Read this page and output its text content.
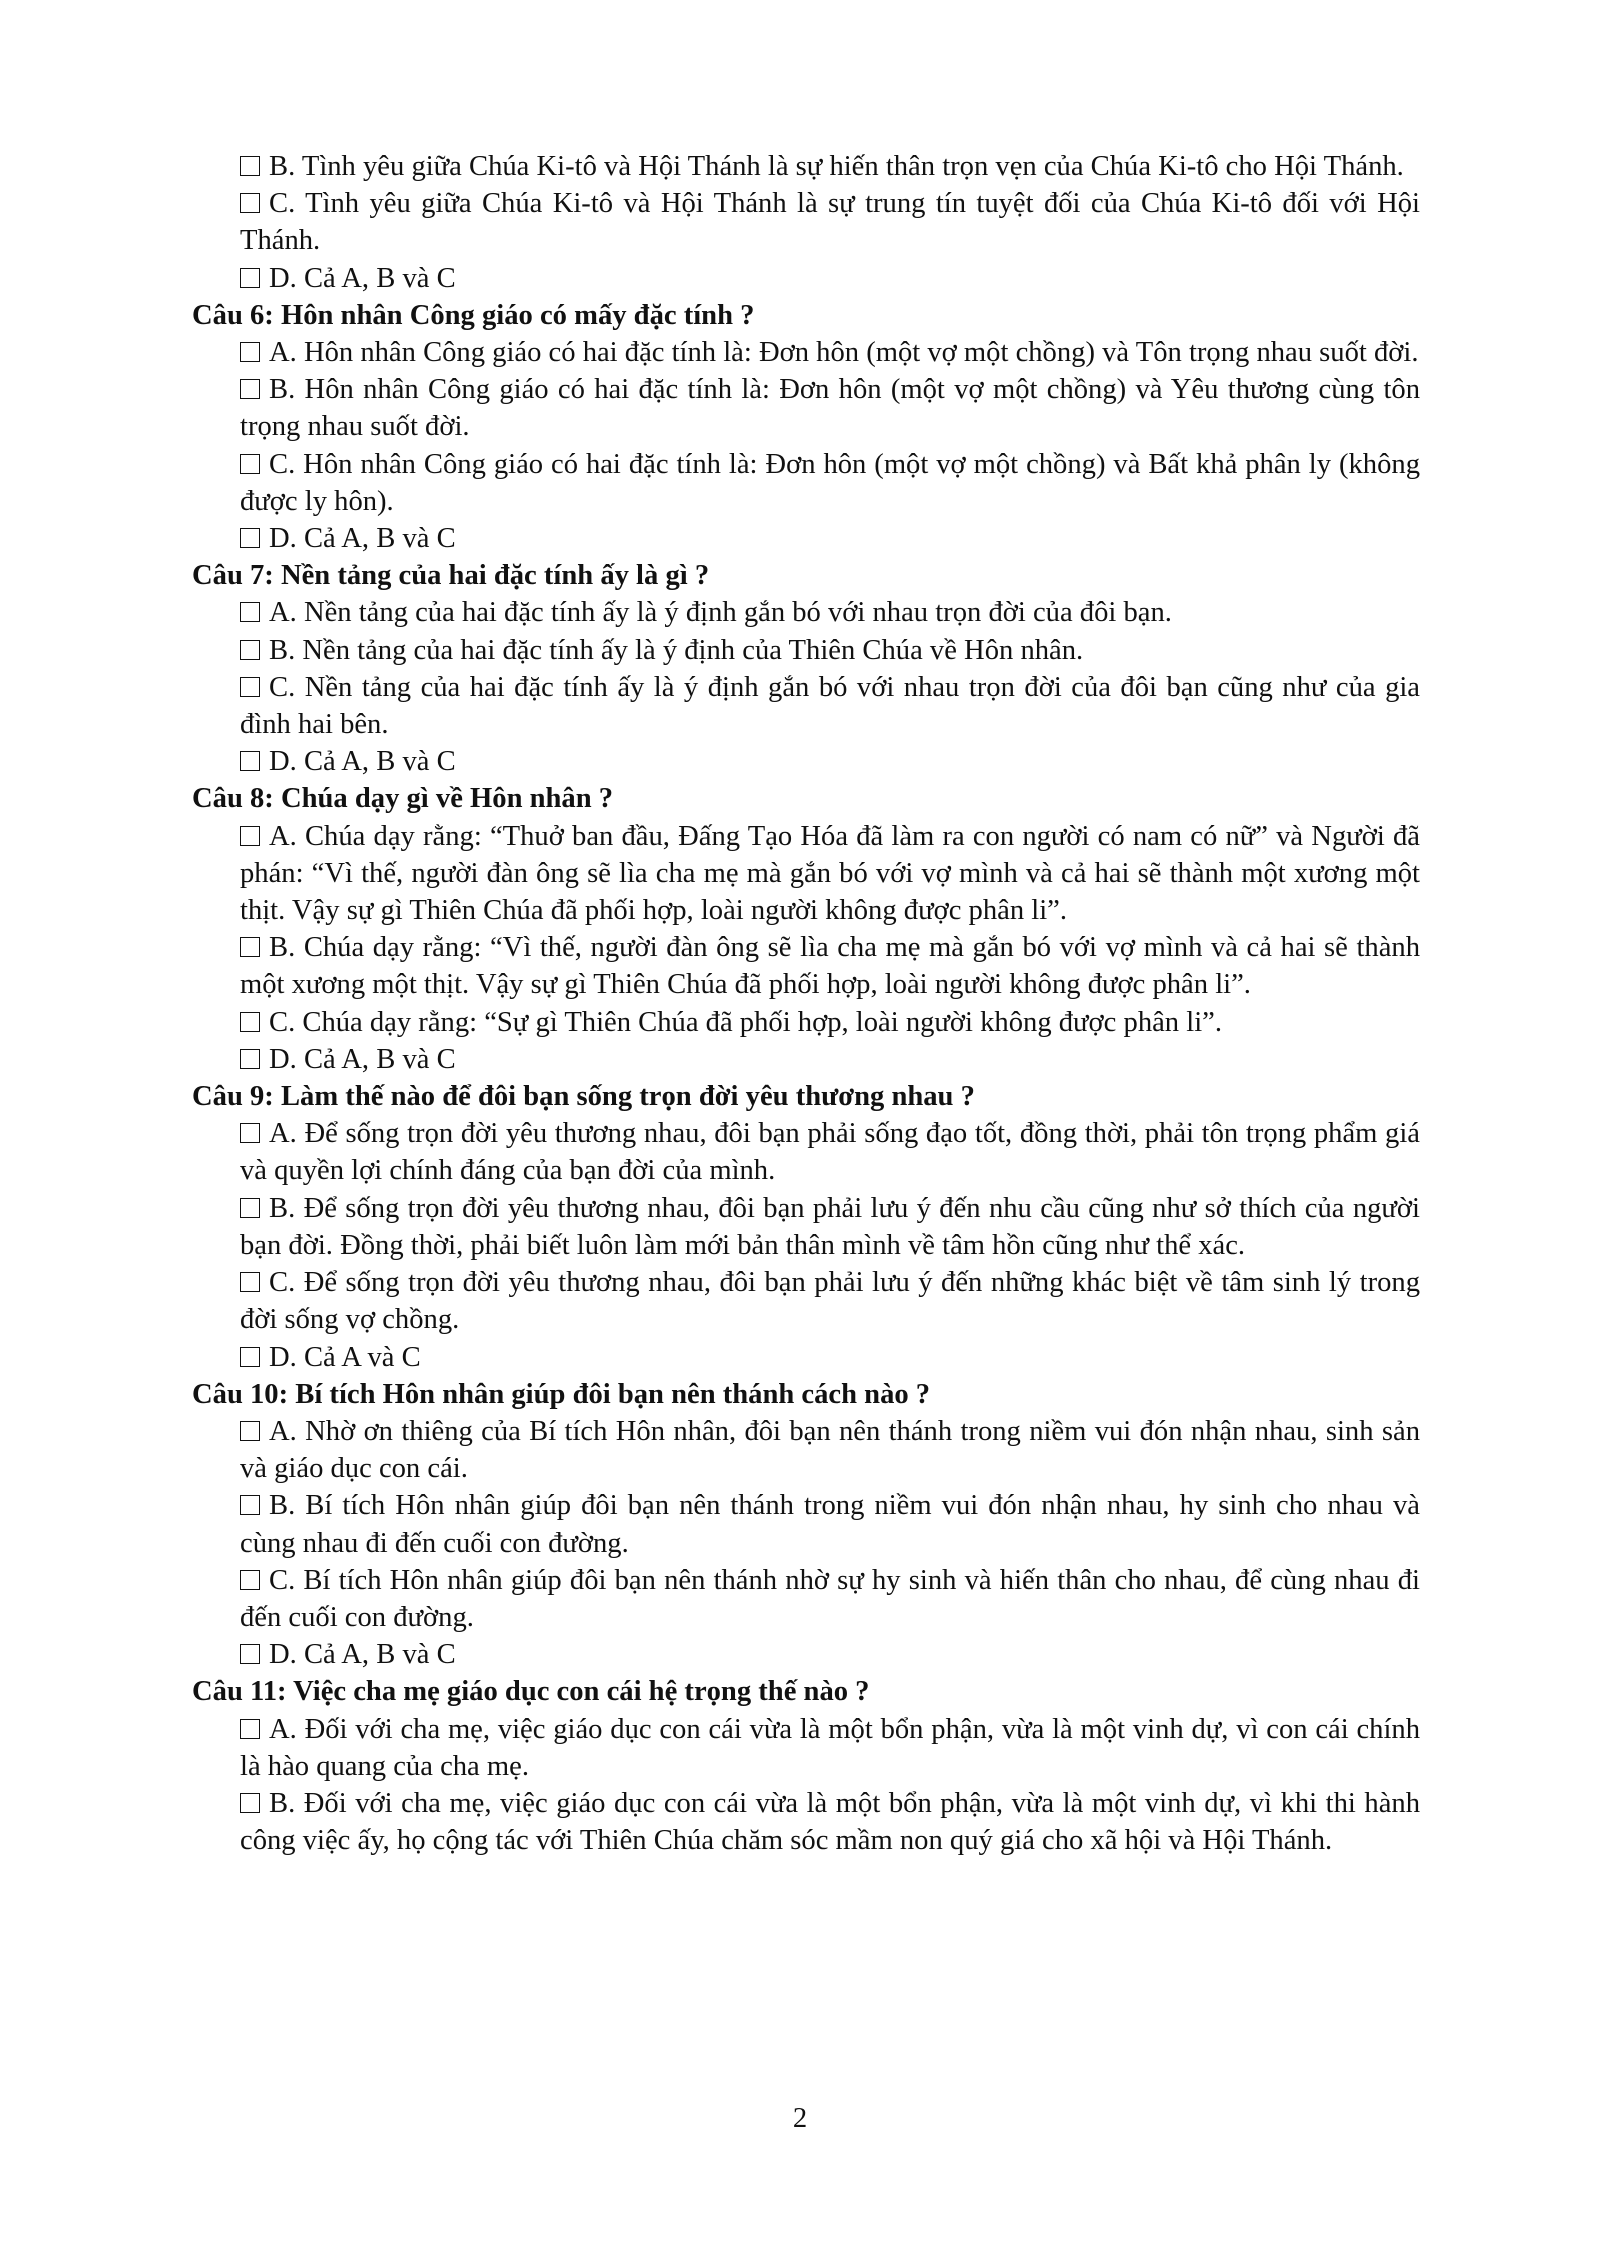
B. Tình yêu giữa Chúa Ki-tô và Hội Thánh là sự hiến thân trọn vẹn của Chúa Ki-tô cho Hội Thánh.

C. Tình yêu giữa Chúa Ki-tô và Hội Thánh là sự trung tín tuyệt đối của Chúa Ki-tô đối với Hội Thánh.

D. Cả A, B và C

Câu 6: Hôn nhân Công giáo có mấy đặc tính ?

A. Hôn nhân Công giáo có hai đặc tính là: Đơn hôn (một vợ một chồng) và Tôn trọng nhau suốt đời.

B. Hôn nhân Công giáo có hai đặc tính là: Đơn hôn (một vợ một chồng) và Yêu thương cùng tôn trọng nhau suốt đời.

C. Hôn nhân Công giáo có hai đặc tính là: Đơn hôn (một vợ một chồng) và Bất khả phân ly (không được ly hôn).

D. Cả A, B và C

Câu 7: Nền tảng của hai đặc tính ấy là gì ?

A. Nền tảng của hai đặc tính ấy là ý định gắn bó với nhau trọn đời của đôi bạn.

B. Nền tảng của hai đặc tính ấy là ý định của Thiên Chúa về Hôn nhân.

C. Nền tảng của hai đặc tính ấy là ý định gắn bó với nhau trọn đời của đôi bạn cũng như của gia đình hai bên.

D. Cả A, B và C

Câu 8: Chúa dạy gì về Hôn nhân ?

A. Chúa dạy rằng: “Thuở ban đầu, Đấng Tạo Hóa đã làm ra con người có nam có nữ” và Người đã phán: “Vì thế, người đàn ông sẽ lìa cha mẹ mà gắn bó với vợ mình và cả hai sẽ thành một xương một thịt. Vậy sự gì Thiên Chúa đã phối hợp, loài người không được phân li”.

B. Chúa dạy rằng: “Vì thế, người đàn ông sẽ lìa cha mẹ mà gắn bó với vợ mình và cả hai sẽ thành một xương một thịt. Vậy sự gì Thiên Chúa đã phối hợp, loài người không được phân li”.

C. Chúa dạy rằng: “Sự gì Thiên Chúa đã phối hợp, loài người không được phân li”.

D. Cả A, B và C

Câu 9: Làm thế nào để đôi bạn sống trọn đời yêu thương nhau ?

A. Để sống trọn đời yêu thương nhau, đôi bạn phải sống đạo tốt, đồng thời, phải tôn trọng phẩm giá và quyền lợi chính đáng của bạn đời của mình.

B. Để sống trọn đời yêu thương nhau, đôi bạn phải lưu ý đến nhu cầu cũng như sở thích của người bạn đời. Đồng thời, phải biết luôn làm mới bản thân mình về tâm hồn cũng như thể xác.

C. Để sống trọn đời yêu thương nhau, đôi bạn phải lưu ý đến những khác biệt về tâm sinh lý trong đời sống vợ chồng.

D. Cả A và C

Câu 10: Bí tích Hôn nhân giúp đôi bạn nên thánh cách nào ?

A. Nhờ ơn thiêng của Bí tích Hôn nhân, đôi bạn nên thánh trong niềm vui đón nhận nhau, sinh sản và giáo dục con cái.

B. Bí tích Hôn nhân giúp đôi bạn nên thánh trong niềm vui đón nhận nhau, hy sinh cho nhau và cùng nhau đi đến cuối con đường.

C. Bí tích Hôn nhân giúp đôi bạn nên thánh nhờ sự hy sinh và hiến thân cho nhau, để cùng nhau đi đến cuối con đường.

D. Cả A, B và C

Câu 11: Việc cha mẹ giáo dục con cái hệ trọng thế nào ?

A. Đối với cha mẹ, việc giáo dục con cái vừa là một bổn phận, vừa là một vinh dự, vì con cái chính là hào quang của cha mẹ.

B. Đối với cha mẹ, việc giáo dục con cái vừa là một bổn phận, vừa là một vinh dự, vì khi thi hành công việc ấy, họ cộng tác với Thiên Chúa chăm sóc mầm non quý giá cho xã hội và Hội Thánh.

2
